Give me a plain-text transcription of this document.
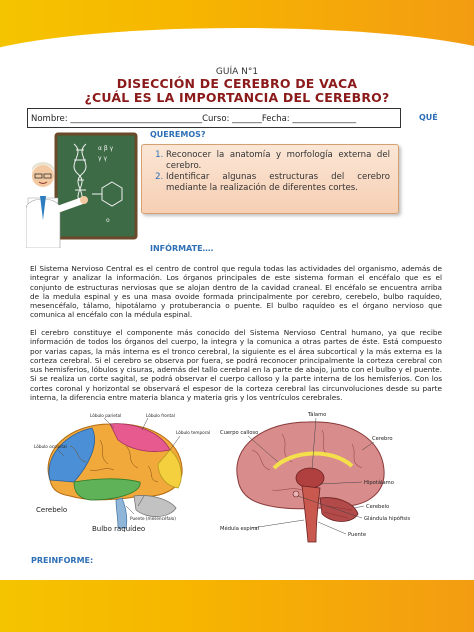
GUÍA N°1
DISECCIÓN DE CEREBRO DE VACA
¿CUÁL ES LA IMPORTANCIA DEL CEREBRO?
Nombre: _______________________________Curso: _______Fecha: _______________	QUÉ
QUEREMOS?
α β γ
γ γ
o
1. Reconocer la anatomía y morfología externa del cerebro.
2. Identificar algunas estructuras del cerebro mediante la realización de diferentes cortes.
INFÓRMATE….
El Sistema Nervioso Central es el centro de control que regula todas las actividades del organismo, además de integrar y analizar la información. Los órganos principales de este sistema forman el encéfalo que es el conjunto de estructuras nerviosas que se alojan dentro de la cavidad craneal. El encéfalo se encuentra arriba de la medula espinal y es una masa ovoide formada principalmente por cerebro, cerebelo, bulbo raquídeo, mesencéfalo, tálamo, hipotálamo y protuberancia o puente. El bulbo raquídeo es el órgano nervioso que comunica al encéfalo con la médula espinal.
El cerebro constituye el componente más conocido del Sistema Nervioso Central humano, ya que recibe información de todos los órganos del cuerpo, la integra y la comunica a otras partes de éste. Está compuesto por varias capas, la más interna es el tronco cerebral, la siguiente es el área subcortical y la más externa es la corteza cerebral. Si el cerebro se observa por fuera, se podrá reconocer principalmente la corteza cerebral con sus hemisferios, lóbulos y cisuras, además del tallo cerebral en la parte de abajo, junto con el bulbo y el puente. Si se realiza un corte sagital, se podrá observar el cuerpo calloso y la parte interna de los hemisferios. Con los cortes coronal y horizontal se observará el espesor de la corteza cerebral las circunvoluciones desde su parte interna, la diferencia entre materia blanca y materia gris y los ventrículos cerebrales.
Lóbulo parietal	Lóbulo frontal
Lóbulo occipital
Lóbulo temporal
Puente (mesencéfalo)
Cerebelo
Bulbo raquídeo
Tálamo
Cuerpo calloso
Cerebro
Hipotálamo
Cerebelo
Glándula hipófisis
Médula espinal
Puente
PREINFORME:
